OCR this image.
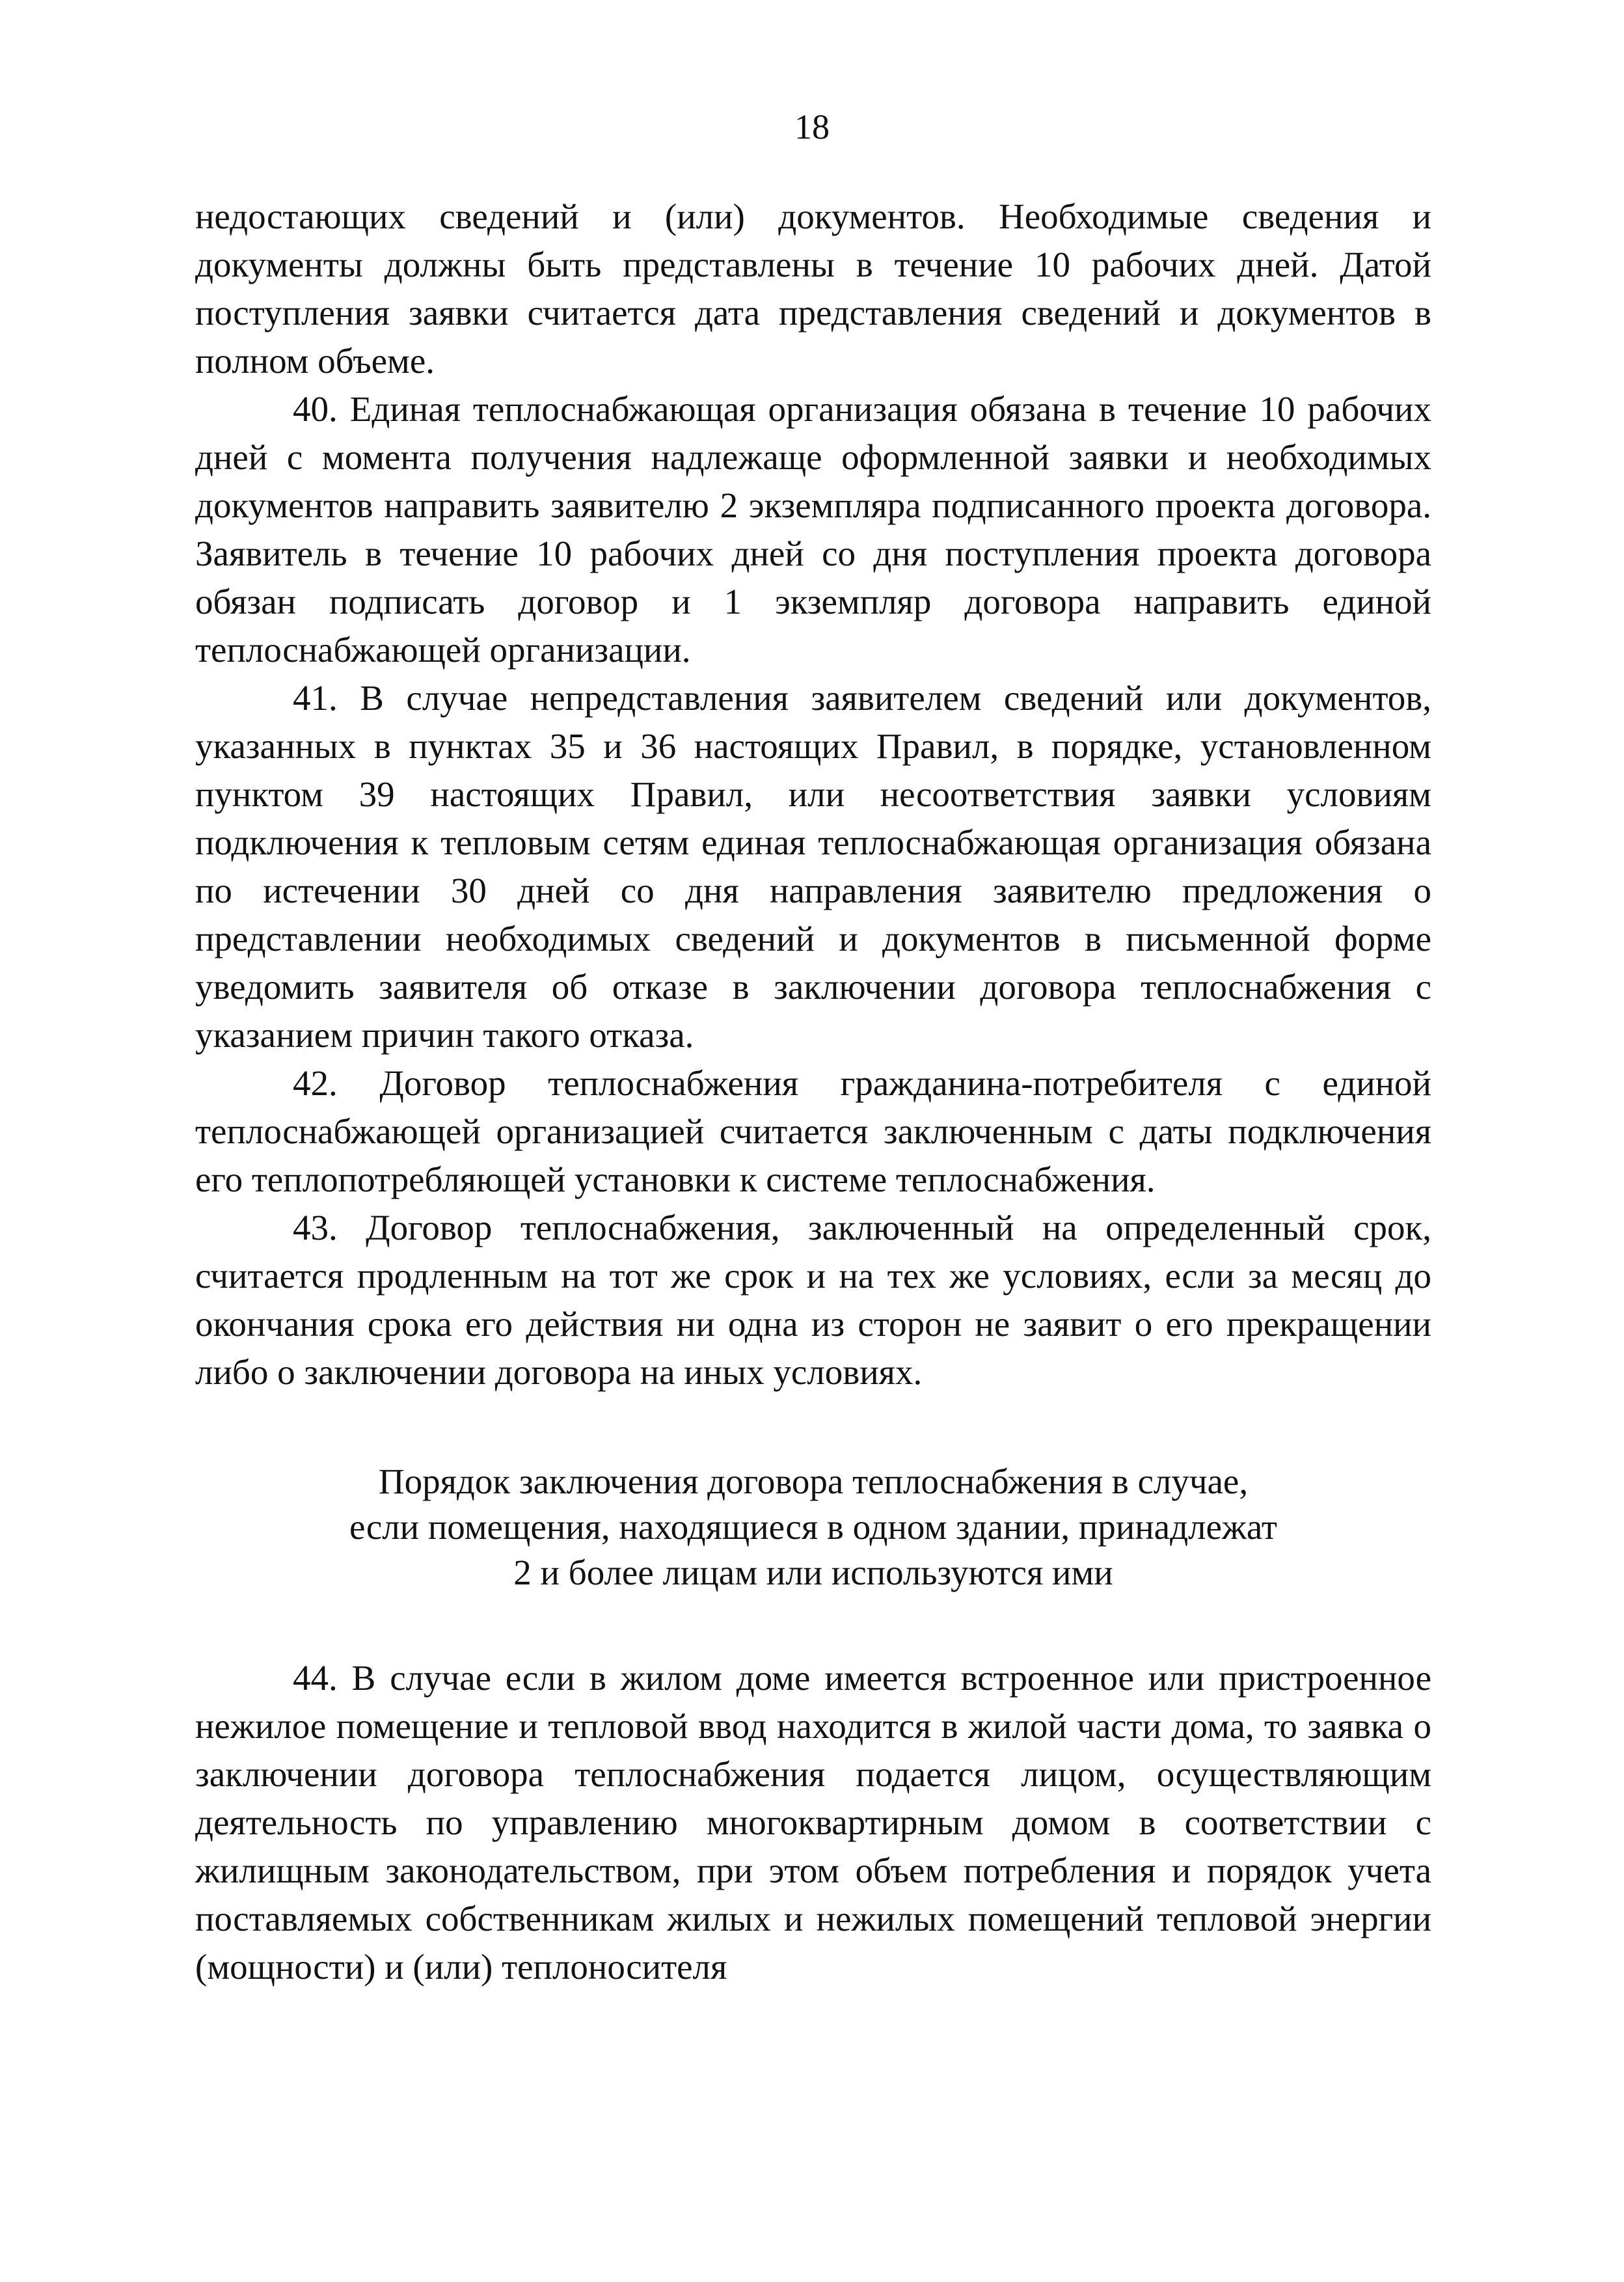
18

недостающих сведений и (или) документов. Необходимые сведения и документы должны быть представлены в течение 10 рабочих дней. Датой поступления заявки считается дата представления сведений и документов в полном объеме.

40. Единая теплоснабжающая организация обязана в течение 10 рабочих дней с момента получения надлежаще оформленной заявки и необходимых документов направить заявителю 2 экземпляра подписанного проекта договора. Заявитель в течение 10 рабочих дней со дня поступления проекта договора обязан подписать договор и 1 экземпляр договора направить единой теплоснабжающей организации.

41. В случае непредставления заявителем сведений или документов, указанных в пунктах 35 и 36 настоящих Правил, в порядке, установленном пунктом 39 настоящих Правил, или несоответствия заявки условиям подключения к тепловым сетям единая теплоснабжающая организация обязана по истечении 30 дней со дня направления заявителю предложения о представлении необходимых сведений и документов в письменной форме уведомить заявителя об отказе в заключении договора теплоснабжения с указанием причин такого отказа.

42. Договор теплоснабжения гражданина-потребителя с единой теплоснабжающей организацией считается заключенным с даты подключения его теплопотребляющей установки к системе теплоснабжения.

43. Договор теплоснабжения, заключенный на определенный срок, считается продленным на тот же срок и на тех же условиях, если за месяц до окончания срока его действия ни одна из сторон не заявит о его прекращении либо о заключении договора на иных условиях.

Порядок заключения договора теплоснабжения в случае,
если помещения, находящиеся в одном здании, принадлежат
2 и более лицам или используются ими

44. В случае если в жилом доме имеется встроенное или пристроенное нежилое помещение и тепловой ввод находится в жилой части дома, то заявка о заключении договора теплоснабжения подается лицом, осуществляющим деятельность по управлению многоквартирным домом в соответствии с жилищным законодательством, при этом объем потребления и порядок учета поставляемых собственникам жилых и нежилых помещений тепловой энергии (мощности) и (или) теплоносителя
